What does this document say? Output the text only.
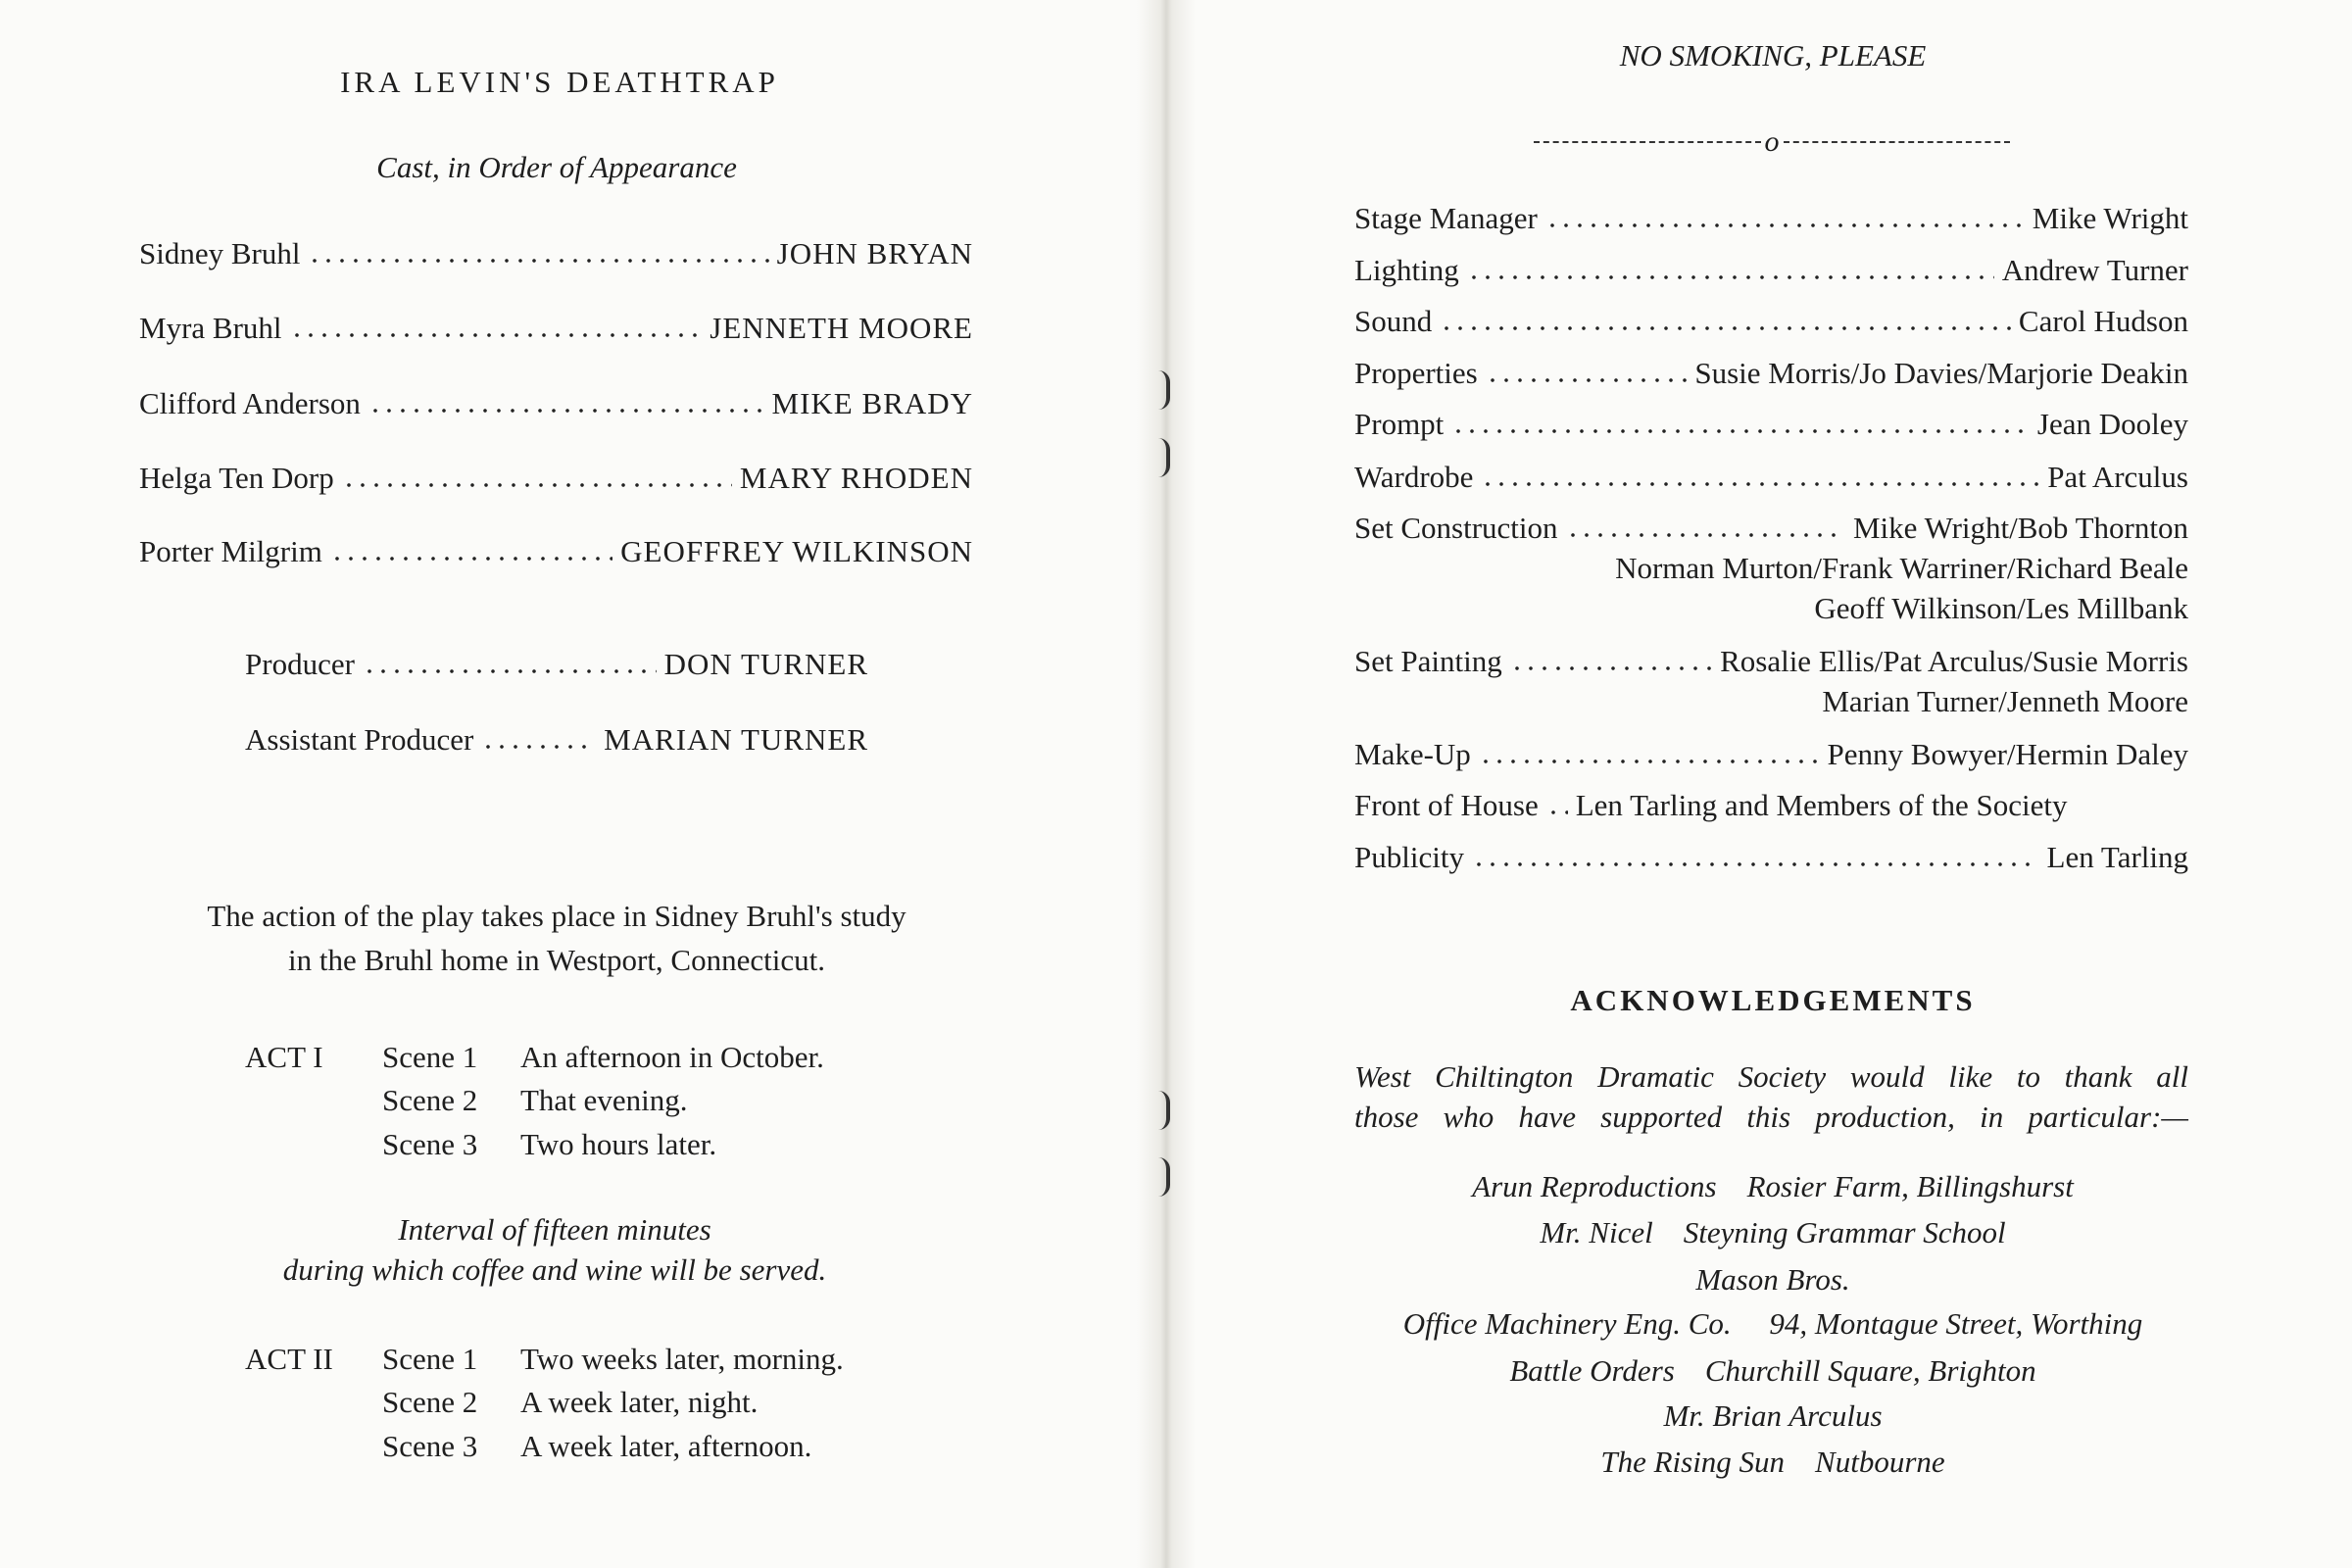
IRA LEVIN'S DEATHTRAP
Cast, in Order of Appearance
Sidney Bruhl	JOHN BRYAN
Myra Bruhl	JENNETH MOORE
Clifford Anderson	MIKE BRADY
Helga Ten Dorp	MARY RHODEN
Porter Milgrim	GEOFFREY WILKINSON
Producer	DON TURNER
Assistant Producer	MARIAN TURNER
The action of the play takes place in Sidney Bruhl's study
in the Bruhl home in Westport, Connecticut.
ACT I Scene 1 An afternoon in October.
Scene 2 That evening.
Scene 3 Two hours later.
Interval of fifteen minutes
during which coffee and wine will be served.
ACT II Scene 1 Two weeks later, morning.
Scene 2 A week later, night.
Scene 3 A week later, afternoon.
NO SMOKING, PLEASE
o
Stage Manager	Mike Wright
Lighting	Andrew Turner
Sound	Carol Hudson
Properties	Susie Morris/Jo Davies/Marjorie Deakin
Prompt	Jean Dooley
Wardrobe	Pat Arculus
Set Construction	Mike Wright/Bob Thornton
Norman Murton/Frank Warriner/Richard Beale
Geoff Wilkinson/Les Millbank
Set Painting	Rosalie Ellis/Pat Arculus/Susie Morris
Marian Turner/Jenneth Moore
Make-Up	Penny Bowyer/Hermin Daley
Front of House Len Tarling and Members of the Society
Publicity	Len Tarling
ACKNOWLEDGEMENTS
West Chiltington Dramatic Society would like to thank all
those who have supported this production, in particular:—
Arun Reproductions    Rosier Farm, Billingshurst
Mr. Nicel    Steyning Grammar School
Mason Bros.
Office Machinery Eng. Co.     94, Montague Street, Worthing
Battle Orders    Churchill Square, Brighton
Mr. Brian Arculus
The Rising Sun    Nutbourne
